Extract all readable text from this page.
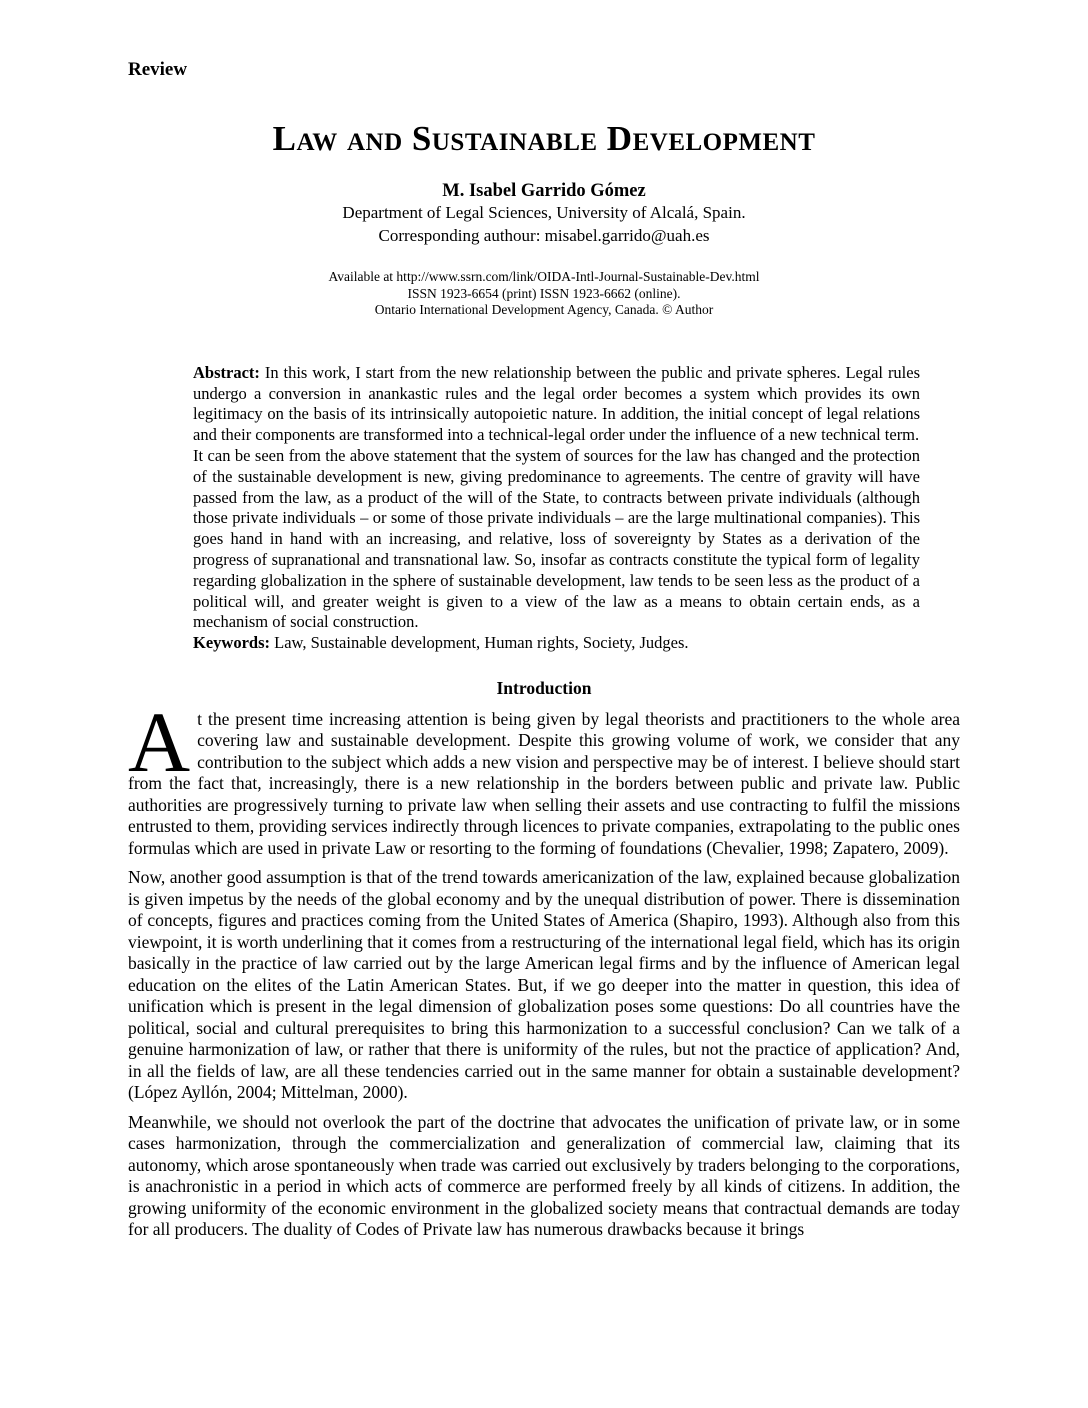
Review
Law and Sustainable Development
M. Isabel Garrido Gómez
Department of Legal Sciences, University of Alcalá, Spain.
Corresponding authour: misabel.garrido@uah.es
Available at http://www.ssrn.com/link/OIDA-Intl-Journal-Sustainable-Dev.html
ISSN 1923-6654 (print) ISSN 1923-6662 (online).
Ontario International Development Agency, Canada. © Author

Abstract: In this work, I start from the new relationship between the public and private spheres. Legal rules undergo a conversion in anankastic rules and the legal order becomes a system which provides its own legitimacy on the basis of its intrinsically autopoietic nature. In addition, the initial concept of legal relations and their components are transformed into a technical-legal order under the influence of a new technical term.

It can be seen from the above statement that the system of sources for the law has changed and the protection of the sustainable development is new, giving predominance to agreements. The centre of gravity will have passed from the law, as a product of the will of the State, to contracts between private individuals (although those private individuals – or some of those private individuals – are the large multinational companies). This goes hand in hand with an increasing, and relative, loss of sovereignty by States as a derivation of the progress of supranational and transnational law. So, insofar as contracts constitute the typical form of legality regarding globalization in the sphere of sustainable development, law tends to be seen less as the product of a political will, and greater weight is given to a view of the law as a means to obtain certain ends, as a mechanism of social construction.

Keywords: Law, Sustainable development, Human rights, Society, Judges.

Introduction

At the present time increasing attention is being given by legal theorists and practitioners to the whole area covering law and sustainable development. Despite this growing volume of work, we consider that any contribution to the subject which adds a new vision and perspective may be of interest. I believe should start from the fact that, increasingly, there is a new relationship in the borders between public and private law. Public authorities are progressively turning to private law when selling their assets and use contracting to fulfil the missions entrusted to them, providing services indirectly through licences to private companies, extrapolating to the public ones formulas which are used in private Law or resorting to the forming of foundations (Chevalier, 1998; Zapatero, 2009).

Now, another good assumption is that of the trend towards americanization of the law, explained because globalization is given impetus by the needs of the global economy and by the unequal distribution of power. There is dissemination of concepts, figures and practices coming from the United States of America (Shapiro, 1993). Although also from this viewpoint, it is worth underlining that it comes from a restructuring of the international legal field, which has its origin basically in the practice of law carried out by the large American legal firms and by the influence of American legal education on the elites of the Latin American States. But, if we go deeper into the matter in question, this idea of unification which is present in the legal dimension of globalization poses some questions: Do all countries have the political, social and cultural prerequisites to bring this harmonization to a successful conclusion? Can we talk of a genuine harmonization of law, or rather that there is uniformity of the rules, but not the practice of application? And, in all the fields of law, are all these tendencies carried out in the same manner for obtain a sustainable development? (López Ayllón, 2004; Mittelman, 2000).

Meanwhile, we should not overlook the part of the doctrine that advocates the unification of private law, or in some cases harmonization, through the commercialization and generalization of commercial law, claiming that its autonomy, which arose spontaneously when trade was carried out exclusively by traders belonging to the corporations, is anachronistic in a period in which acts of commerce are performed freely by all kinds of citizens. In addition, the growing uniformity of the economic environment in the globalized society means that contractual demands are today for all producers. The duality of Codes of Private law has numerous drawbacks because it brings
